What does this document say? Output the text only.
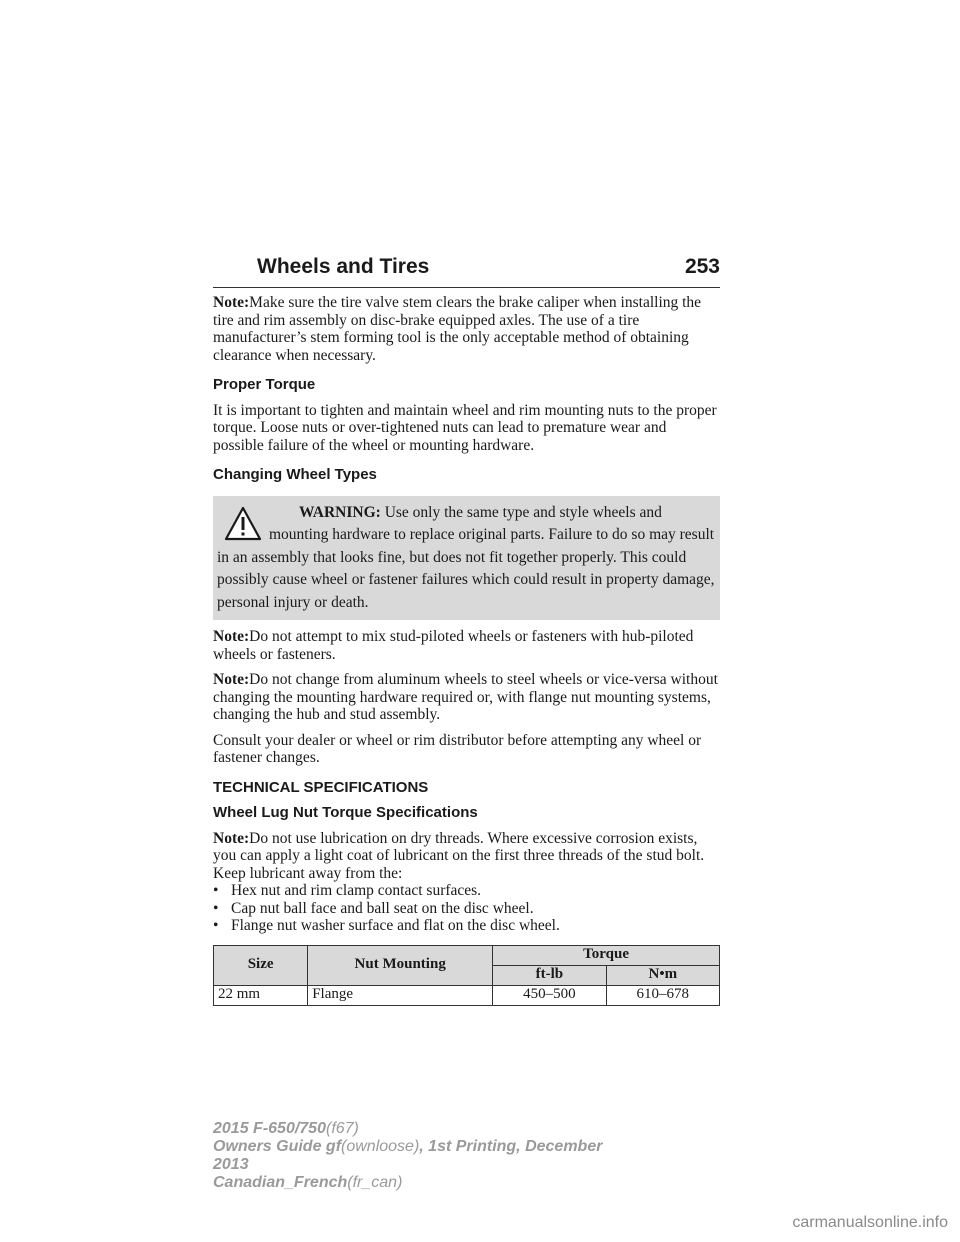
Wheels and Tires	253

Note:Make sure the tire valve stem clears the brake caliper when installing the tire and rim assembly on disc-brake equipped axles. The use of a tire manufacturer’s stem forming tool is the only acceptable method of obtaining clearance when necessary.

Proper Torque

It is important to tighten and maintain wheel and rim mounting nuts to the proper torque. Loose nuts or over-tightened nuts can lead to premature wear and possible failure of the wheel or mounting hardware.

Changing Wheel Types
WARNING: Use only the same type and style wheels and mounting hardware to replace original parts. Failure to do so may result in an assembly that looks fine, but does not fit together properly. This could possibly cause wheel or fastener failures which could result in property damage, personal injury or death.

Note:Do not attempt to mix stud-piloted wheels or fasteners with hub-piloted wheels or fasteners.

Note:Do not change from aluminum wheels to steel wheels or vice-versa without changing the mounting hardware required or, with flange nut mounting systems, changing the hub and stud assembly.

Consult your dealer or wheel or rim distributor before attempting any wheel or fastener changes.

TECHNICAL SPECIFICATIONS
Wheel Lug Nut Torque Specifications

Note:Do not use lubrication on dry threads. Where excessive corrosion exists, you can apply a light coat of lubricant on the first three threads of the stud bolt. Keep lubricant away from the:

• Hex nut and rim clamp contact surfaces.
• Cap nut ball face and ball seat on the disc wheel.
• Flange nut washer surface and flat on the disc wheel.
Size	Nut Mounting	Torque	
		ft-lb	N•m
22 mm	Flange	450–500	610–678
2015 F-650/750(f67)
Owners Guide gf(ownloose), 1st Printing, December 2013
Canadian_French(fr_can)
carmanualsonline.info
